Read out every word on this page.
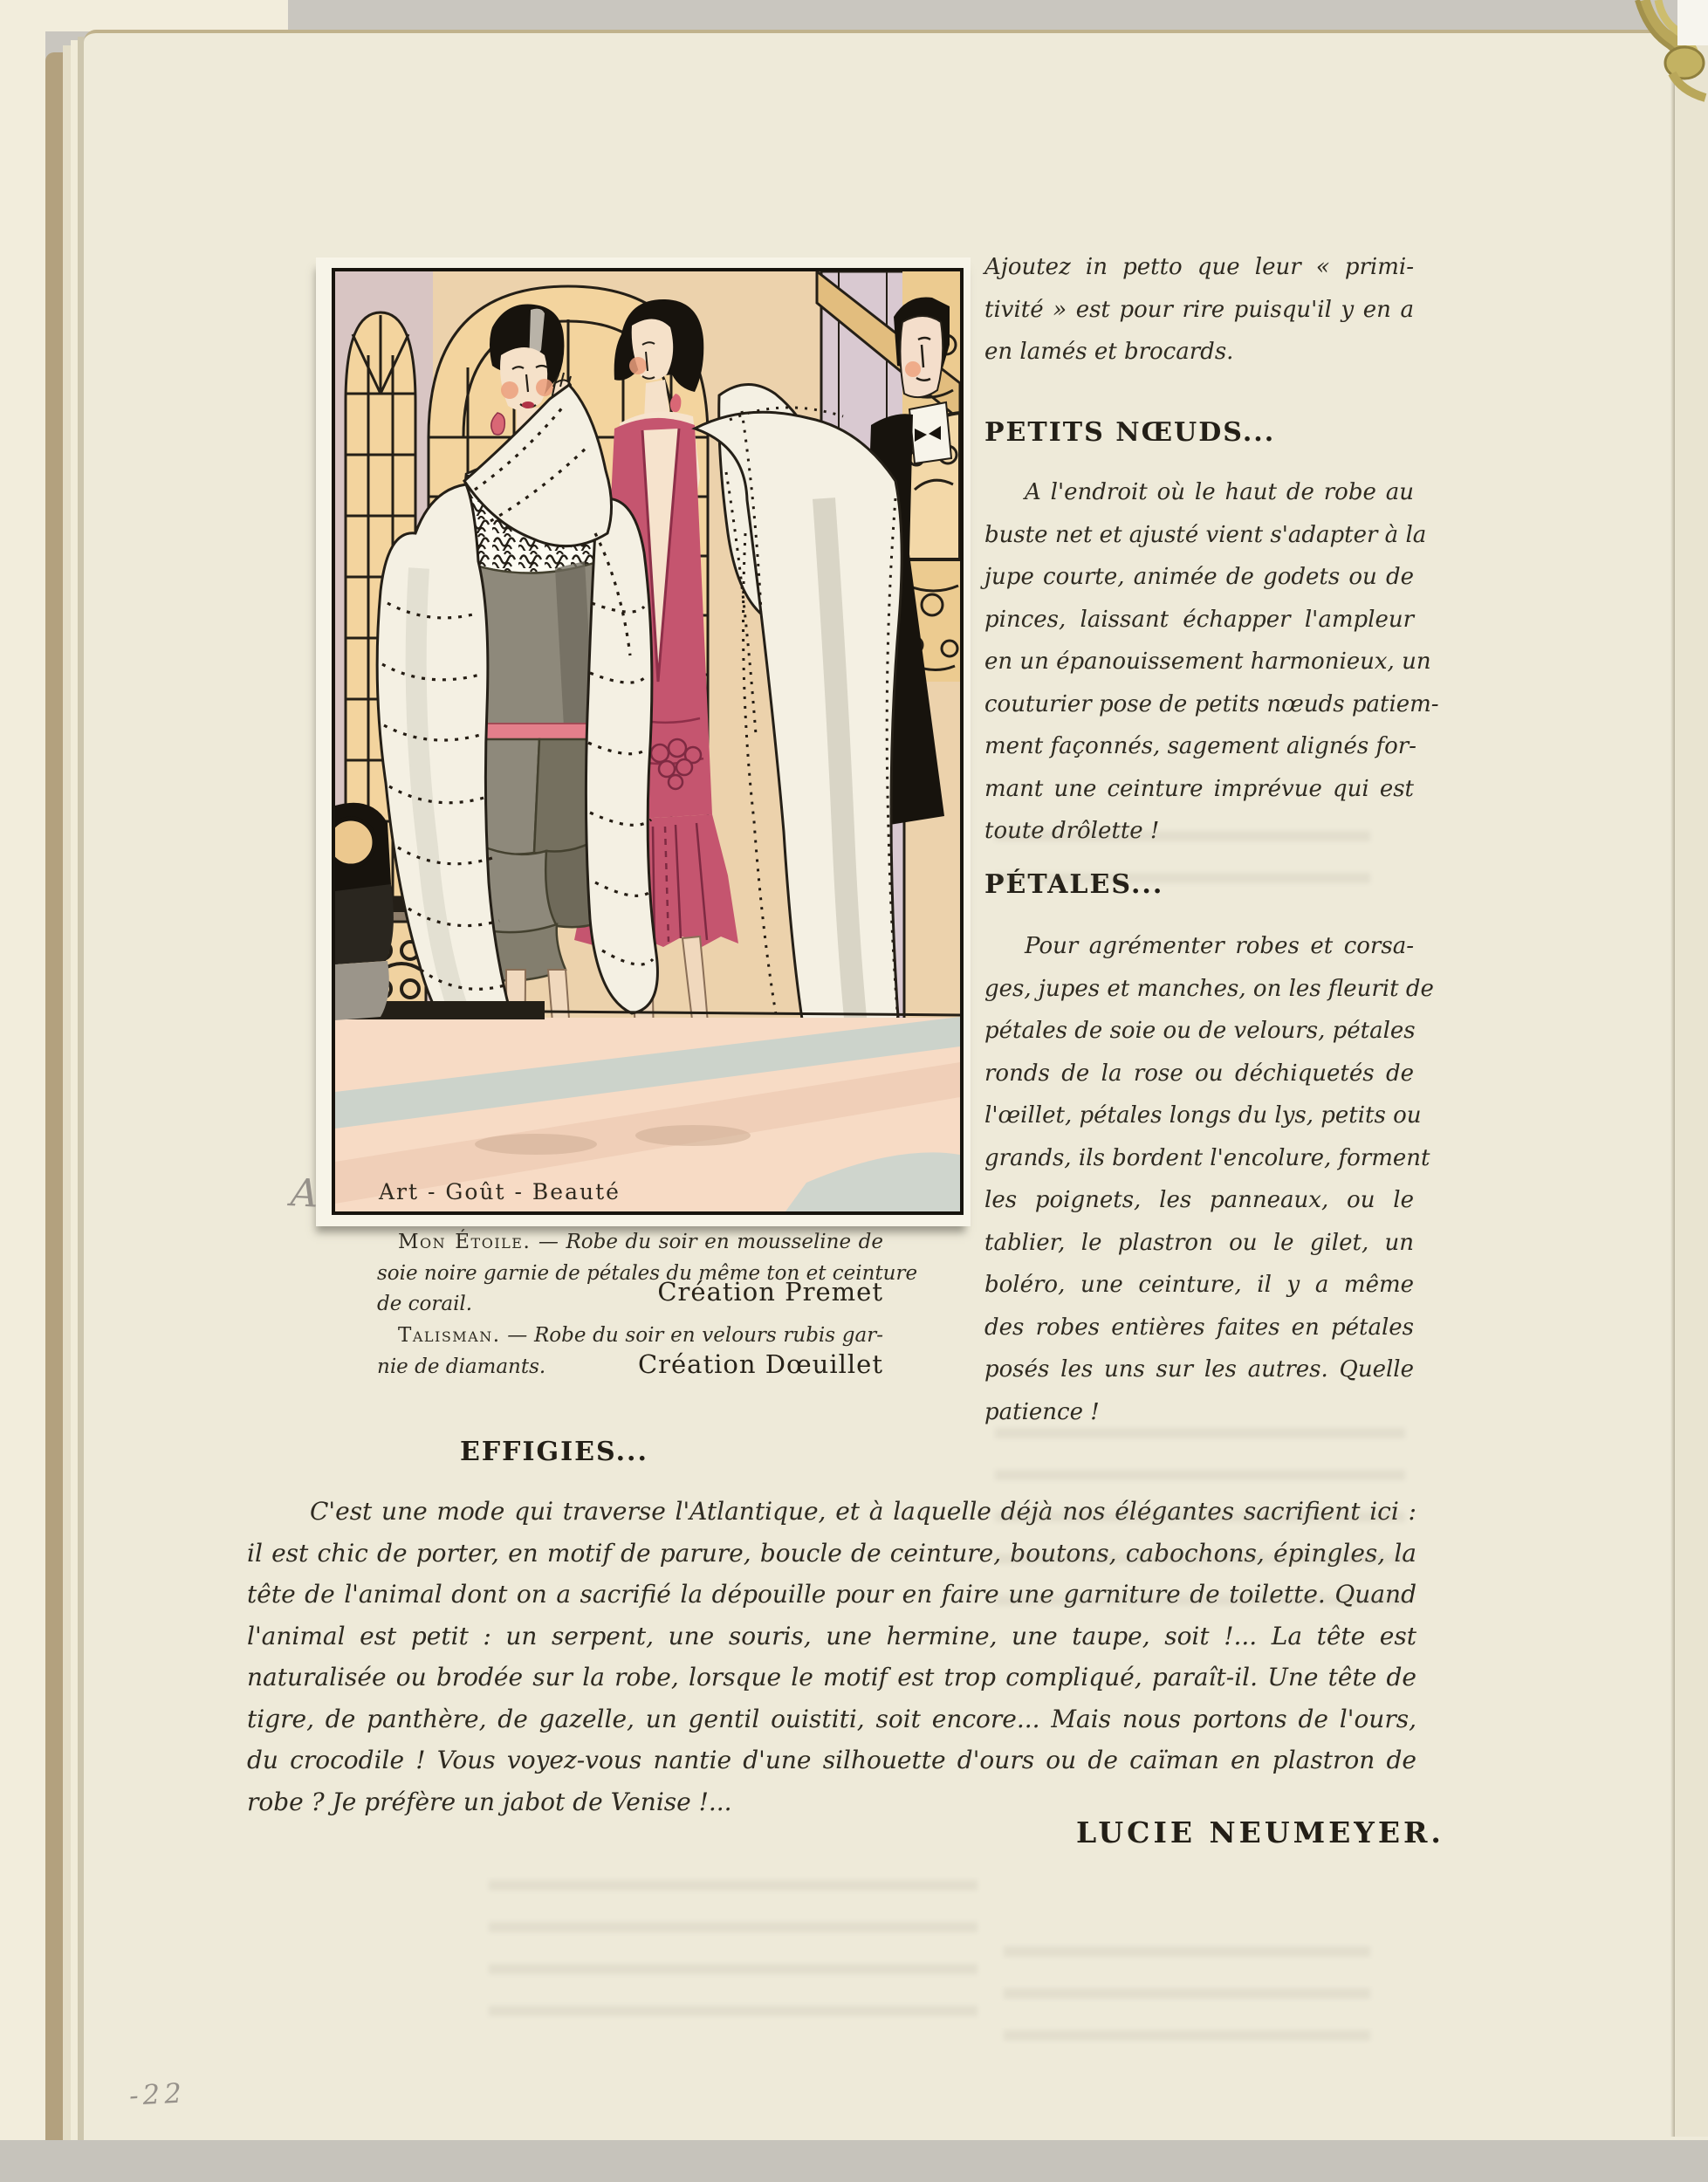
Art - Goût - Beauté
A
-22
Mon Étoile. — Robe du soir en mousseline de
soie noire garnie de pétales du même ton et ceinture
de corail.	Création Premet
Talisman. — Robe du soir en velours rubis gar-
nie de diamants.	Création Dœuillet
Ajoutez in petto que leur « primi-
tivité » est pour rire puisqu'il y en a
en lamés et brocards.
PETITS NŒUDS...
A l'endroit où le haut de robe au
buste net et ajusté vient s'adapter à la
jupe courte, animée de godets ou de
pinces, laissant échapper l'ampleur
en un épanouissement harmonieux, un
couturier pose de petits nœuds patiem-
ment façonnés, sagement alignés for-
mant une ceinture imprévue qui est
toute drôlette !
PÉTALES...
Pour agrémenter robes et corsa-
ges, jupes et manches, on les fleurit de
pétales de soie ou de velours, pétales
ronds de la rose ou déchiquetés de
l'œillet, pétales longs du lys, petits ou
grands, ils bordent l'encolure, forment
les poignets, les panneaux, ou le
tablier, le plastron ou le gilet, un
boléro, une ceinture, il y a même
des robes entières faites en pétales
posés les uns sur les autres. Quelle
patience !
EFFIGIES...
C'est une mode qui traverse l'Atlantique, et à laquelle déjà nos élégantes sacrifient ici :
il est chic de porter, en motif de parure, boucle de ceinture, boutons, cabochons, épingles, la
tête de l'animal dont on a sacrifié la dépouille pour en faire une garniture de toilette. Quand
l'animal est petit : un serpent, une souris, une hermine, une taupe, soit !... La tête est
naturalisée ou brodée sur la robe, lorsque le motif est trop compliqué, paraît-il. Une tête de
tigre, de panthère, de gazelle, un gentil ouistiti, soit encore... Mais nous portons de l'ours,
du crocodile ! Vous voyez-vous nantie d'une silhouette d'ours ou de caïman en plastron de
robe ? Je préfère un jabot de Venise !...
LUCIE NEUMEYER.
